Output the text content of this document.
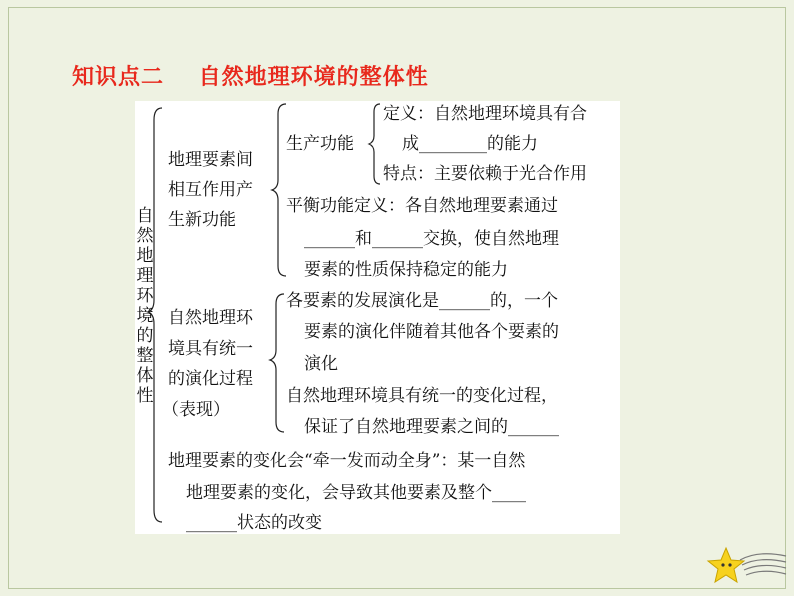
知识点二    自然地理环境的整体性
自然地理环境的整体性
地理要素间
相互作用产
生新功能
生产功能
定义：自然地理环境具有合
成________的能力
特点：主要依赖于光合作用
平衡功能定义：各自然地理要素通过
______和______交换，使自然地理
要素的性质保持稳定的能力
自然地理环
境具有统一
的演化过程
（表现）
各要素的发展演化是______的，一个
要素的演化伴随着其他各个要素的
演化
自然地理环境具有统一的变化过程，
保证了自然地理要素之间的______
地理要素的变化会“牵一发而动全身”：某一自然
地理要素的变化，会导致其他要素及整个____
______状态的改变
